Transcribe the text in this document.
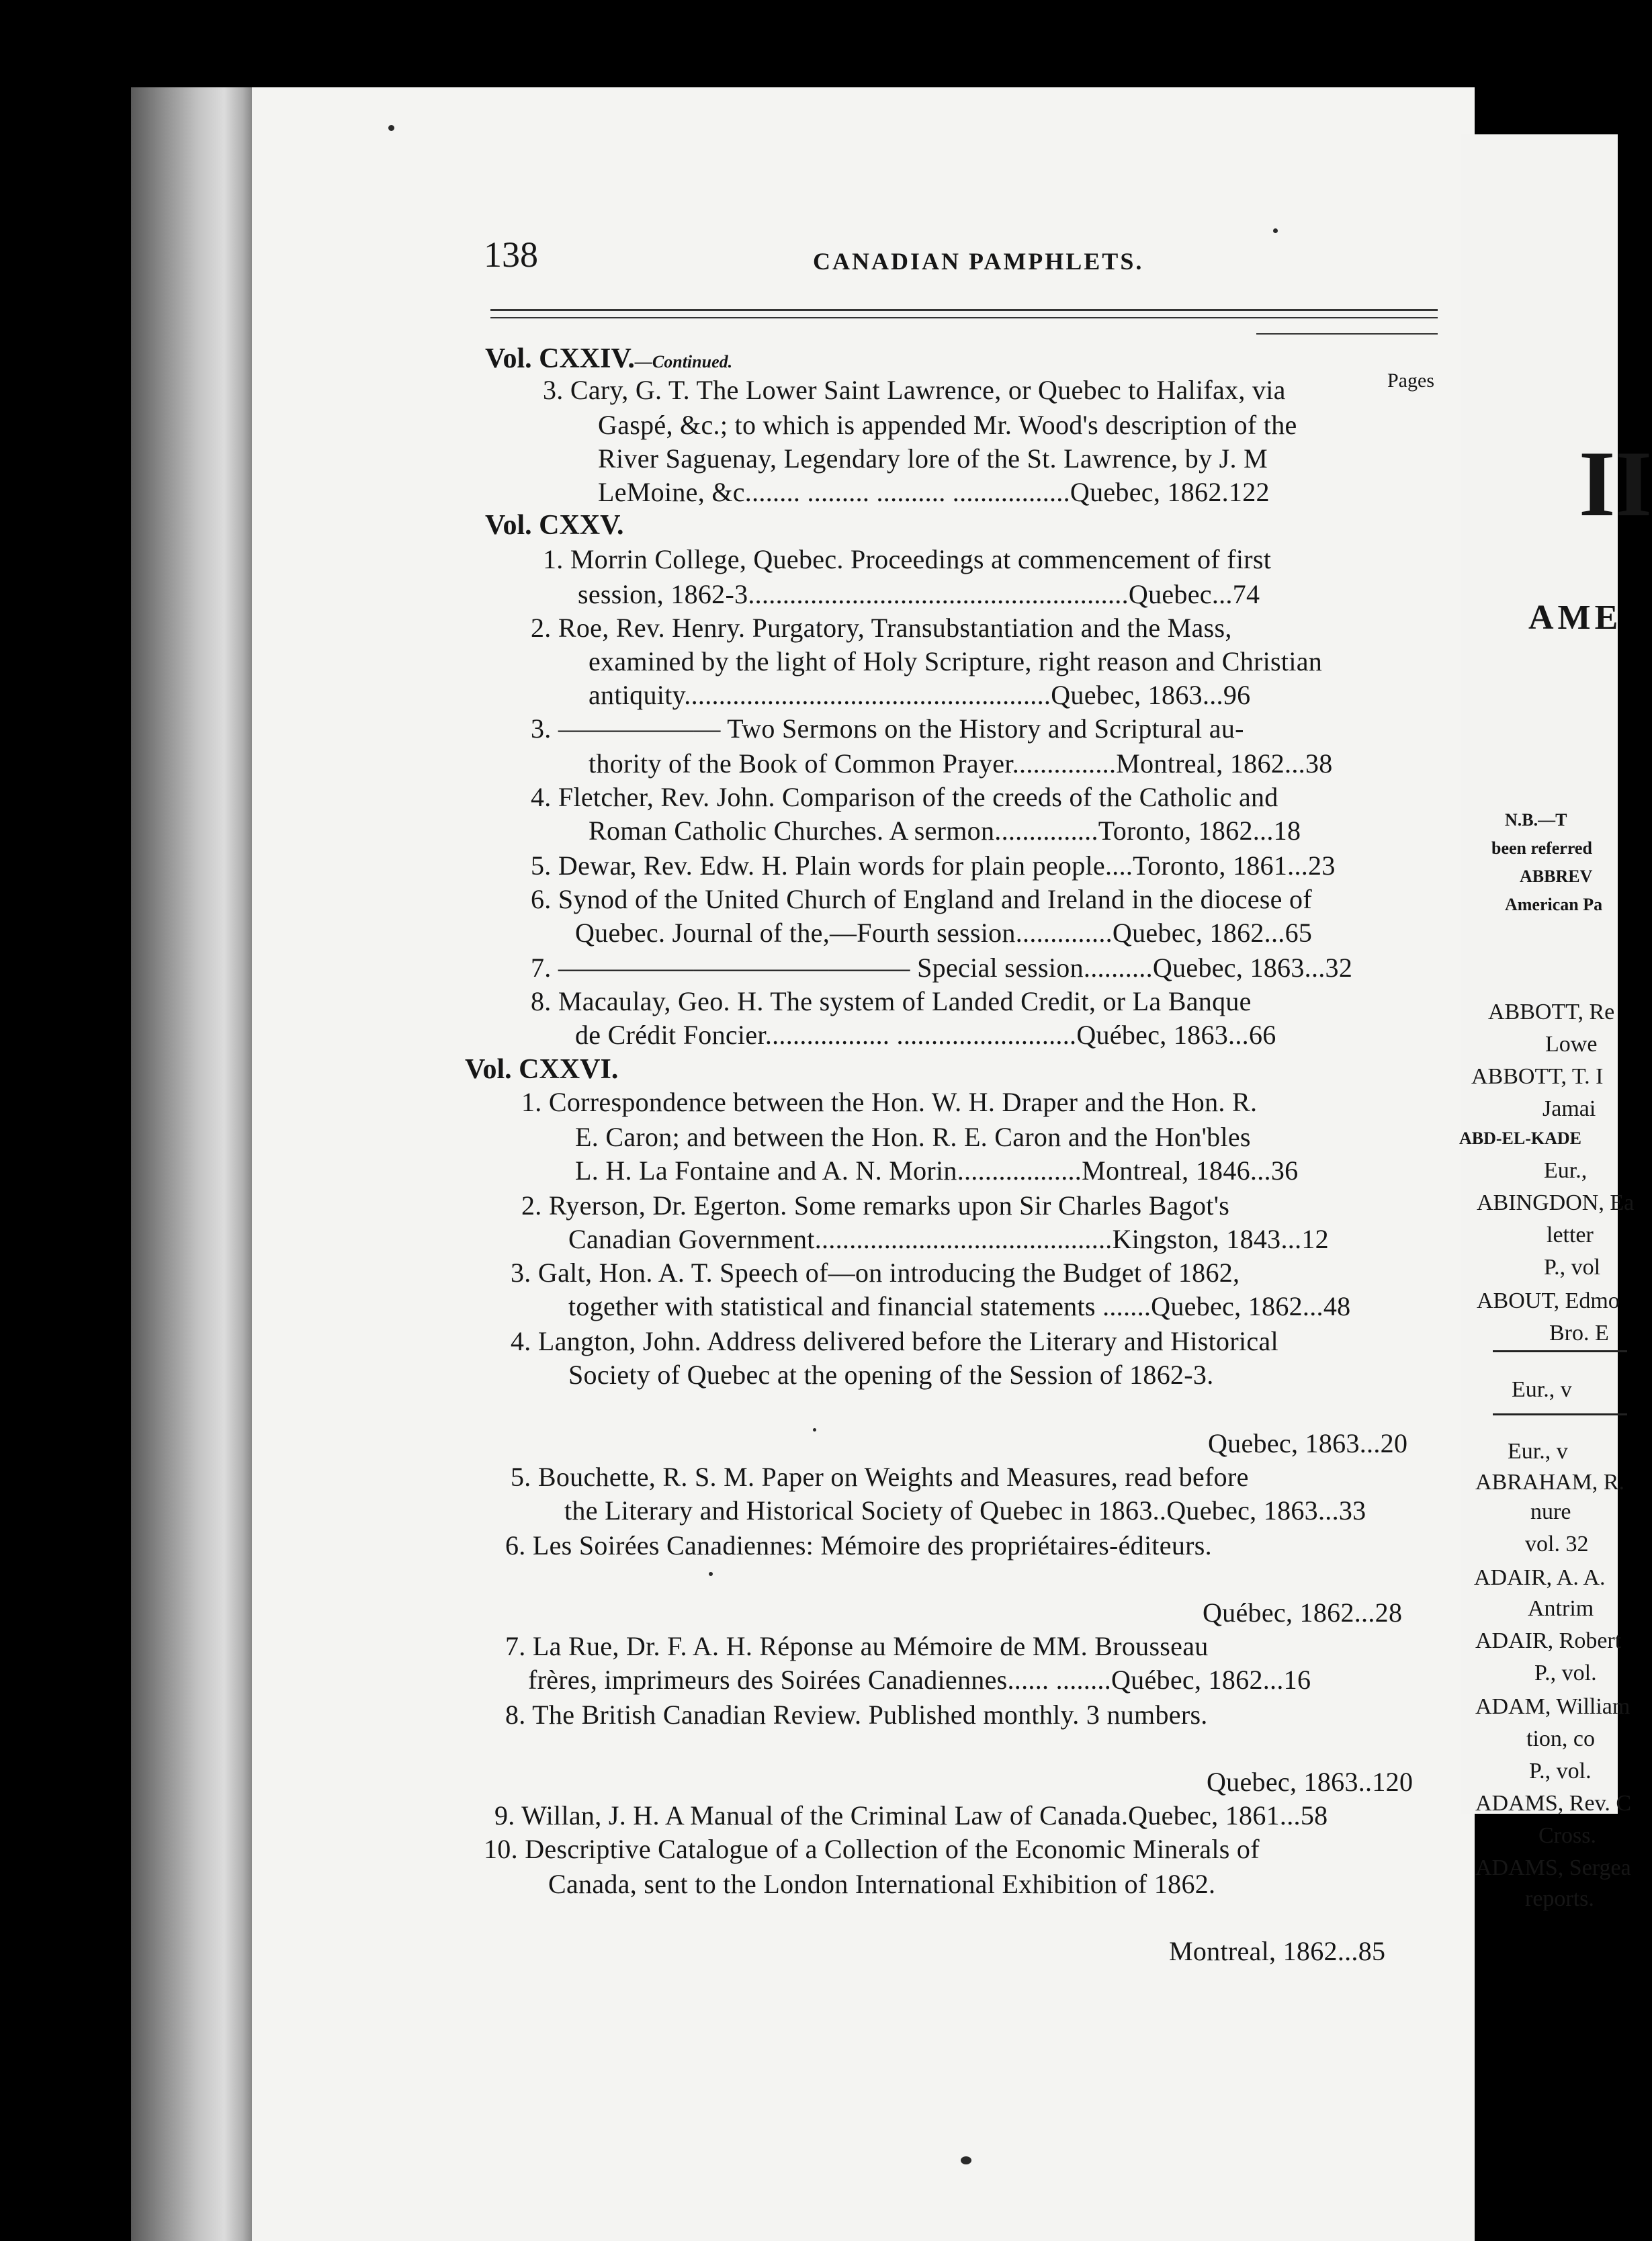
138	CANADIAN PAMPHLETS.
Pages
Vol. CXXIV.—Continued.
3. Cary, G. T. The Lower Saint Lawrence, or Quebec to Halifax, via
Gaspé, &c.; to which is appended Mr. Wood's description of the
River Saguenay, Legendary lore of the St. Lawrence, by J. M
LeMoine, &c........ ......... .......... .................Quebec, 1862.122
Vol. CXXV.
1. Morrin College, Quebec. Proceedings at commencement of first
session, 1862-3.......................................................Quebec...74
2. Roe, Rev. Henry. Purgatory, Transubstantiation and the Mass,
examined by the light of Holy Scripture, right reason and Christian
antiquity.....................................................Quebec, 1863...96
3. —————— Two Sermons on the History and Scriptural au-
thority of the Book of Common Prayer...............Montreal, 1862...38
4. Fletcher, Rev. John. Comparison of the creeds of the Catholic and
Roman Catholic Churches. A sermon...............Toronto, 1862...18
5. Dewar, Rev. Edw. H. Plain words for plain people....Toronto, 1861...23
6. Synod of the United Church of England and Ireland in the diocese of
Quebec. Journal of the,—Fourth session..............Quebec, 1862...65
7. ————————————— Special session..........Quebec, 1863...32
8. Macaulay, Geo. H. The system of Landed Credit, or La Banque
de Crédit Foncier.................. ..........................Québec, 1863...66
Vol. CXXVI.
1. Correspondence between the Hon. W. H. Draper and the Hon. R.
E. Caron; and between the Hon. R. E. Caron and the Hon'bles
L. H. La Fontaine and A. N. Morin..................Montreal, 1846...36
2. Ryerson, Dr. Egerton. Some remarks upon Sir Charles Bagot's
Canadian Government...........................................Kingston, 1843...12
3. Galt, Hon. A. T. Speech of—on introducing the Budget of 1862,
together with statistical and financial statements .......Quebec, 1862...48
4. Langton, John. Address delivered before the Literary and Historical
Society of Quebec at the opening of the Session of 1862-3.
Quebec, 1863...20
5. Bouchette, R. S. M. Paper on Weights and Measures, read before
the Literary and Historical Society of Quebec in 1863..Quebec, 1863...33
6. Les Soirées Canadiennes: Mémoire des propriétaires-éditeurs.
Québec, 1862...28
7. La Rue, Dr. F. A. H. Réponse au Mémoire de MM. Brousseau
frères, imprimeurs des Soirées Canadiennes...... ........Québec, 1862...16
8. The British Canadian Review. Published monthly. 3 numbers.
Quebec, 1863..120
9. Willan, J. H. A Manual of the Criminal Law of Canada.Quebec, 1861...58
10. Descriptive Catalogue of a Collection of the Economic Minerals of
Canada, sent to the London International Exhibition of 1862.
Montreal, 1862...85
II
AME
N.B.—T
been referred
ABBREV
American Pa
ABBOTT, Re
Lowe
ABBOTT, T. I
Jamai
ABD-EL-KADE
Eur.,
ABINGDON, Ea
letter
P., vol
ABOUT, Edmo
Bro. E
Eur., v
Eur., v
ABRAHAM, R.
nure
vol. 32
ADAIR, A. A.
Antrim
ADAIR, Robert
P., vol.
ADAM, William
tion, co
P., vol.
ADAMS, Rev. C
Cross.
ADAMS, Sergea
reports.
